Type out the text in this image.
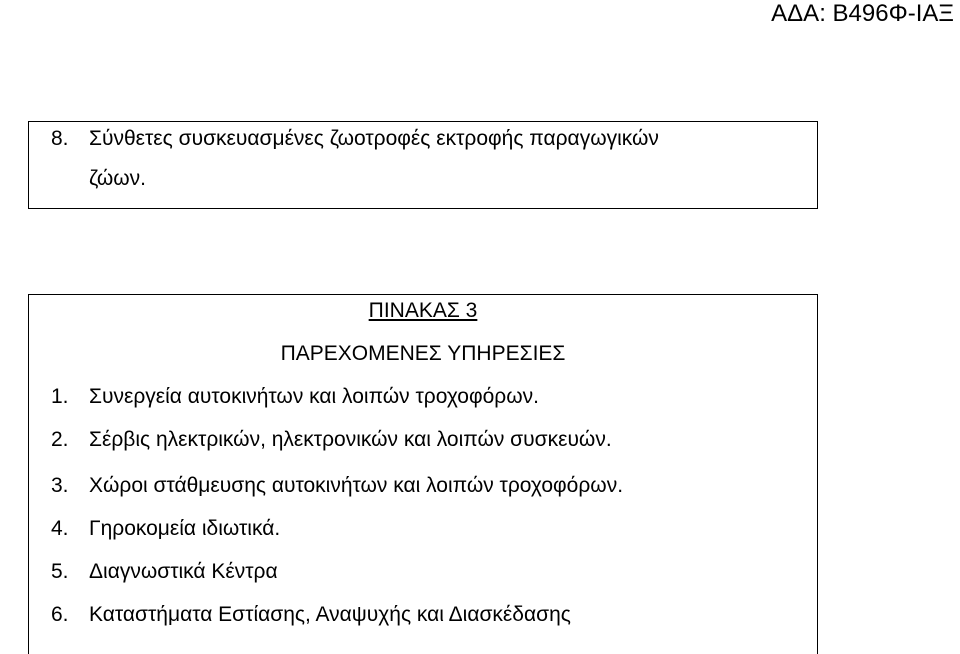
ΑΔΑ: Β496Φ-ΙΑΞ
8. Σύνθετες συσκευασμένες ζωοτροφές εκτροφής παραγωγικών
ζώων.
ΠΙΝΑΚΑΣ 3
ΠΑΡΕΧΟΜΕΝΕΣ ΥΠΗΡΕΣΙΕΣ
1. Συνεργεία αυτοκινήτων και λοιπών τροχοφόρων.
2. Σέρβις ηλεκτρικών, ηλεκτρονικών και λοιπών συσκευών.
3. Χώροι στάθμευσης αυτοκινήτων και λοιπών τροχοφόρων.
4. Γηροκομεία ιδιωτικά.
5. Διαγνωστικά Κέντρα
6. Καταστήματα Εστίασης, Αναψυχής και Διασκέδασης
